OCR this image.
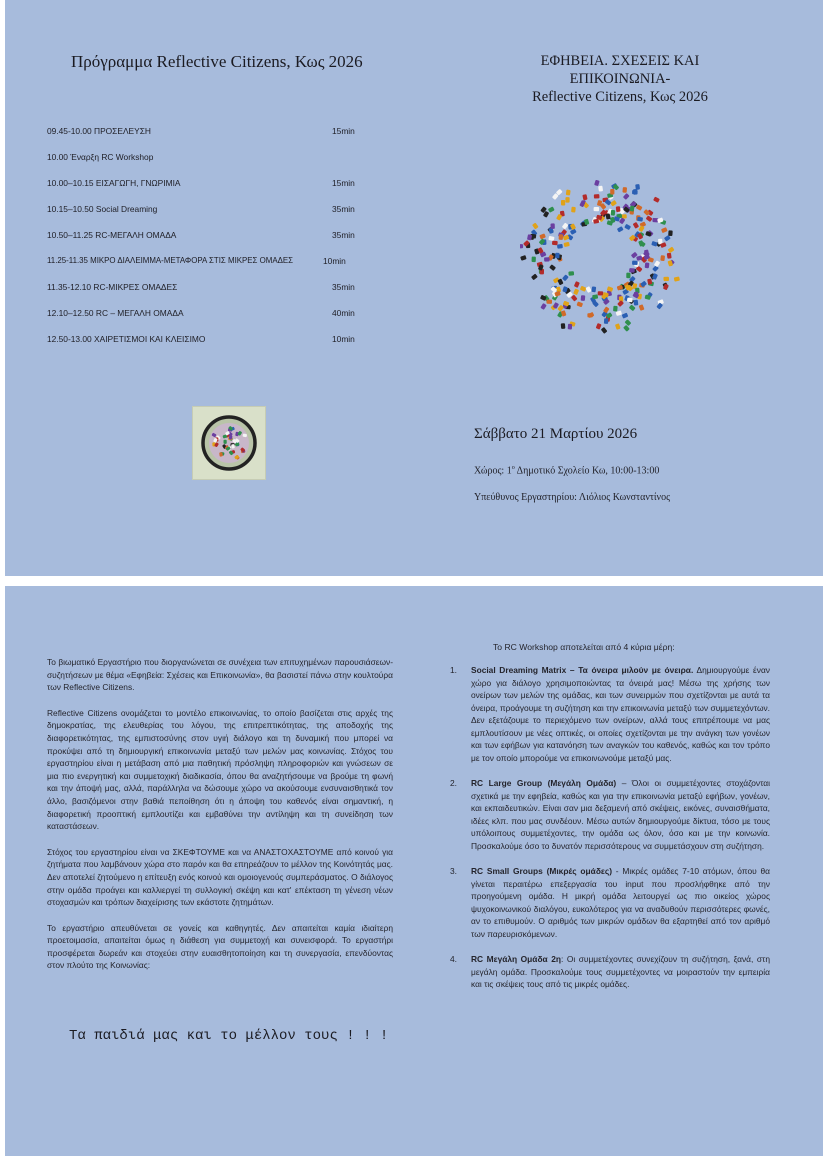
Πρόγραμμα Reflective Citizens, Κως 2026
09.45-10.00 ΠΡΟΣΕΛΕΥΣΗ	15min
10.00 Έναρξη RC Workshop
10.00–10.15 ΕΙΣΑΓΩΓΗ, ΓΝΩΡΙΜΙΑ	15min
10.15–10.50 Social Dreaming	35min
10.50–11.25 RC-ΜΕΓΑΛΗ ΟΜΑΔΑ	35min
11.25-11.35 ΜΙΚΡΟ ΔΙΑΛΕΙΜΜΑ-ΜΕΤΑΦΟΡΑ ΣΤΙΣ ΜΙΚΡΕΣ ΟΜΑΔΕΣ	10min
11.35-12.10 RC-ΜΙΚΡΕΣ ΟΜΑΔΕΣ	35min
12.10–12.50 RC – ΜΕΓΑΛΗ ΟΜΑΔΑ	40min
12.50-13.00 ΧΑΙΡΕΤΙΣΜΟΙ ΚΑΙ ΚΛΕΙΣΙΜΟ	10min
ΕΦΗΒΕΙΑ. ΣΧΕΣΕΙΣ ΚΑΙ
ΕΠΙΚΟΙΝΩΝΙΑ-
Reflective Citizens, Κως 2026
Σάββατο 21 Μαρτίου 2026
Χώρος: $1^o$ Δημοτικό Σχολείο Κω, 10:00-13:00
Υπεύθυνος Εργαστηρίου: Λιόλιος Κωνσταντίνος

Το βιωματικό Εργαστήριο που διοργανώνεται σε συνέχεια των επιτυχημένων παρουσιάσεων-συζητήσεων με θέμα «Εφηβεία: Σχέσεις και Επικοινωνία», θα βασιστεί πάνω στην κουλτούρα των Reflective Citizens.

Reflective Citizens ονομάζεται το μοντέλο επικοινωνίας, το οποίο βασίζεται στις αρχές της δημοκρατίας, της ελευθερίας του λόγου, της επιτρεπτικότητας, της αποδοχής της διαφορετικότητας, της εμπιστοσύνης στον υγιή διάλογο και τη δυναμική που μπορεί να προκύψει από τη δημιουργική επικοινωνία μεταξύ των μελών μας κοινωνίας. Στόχος του εργαστηρίου είναι η μετάβαση από μια παθητική πρόσληψη πληροφοριών και γνώσεων σε μια πιο ενεργητική και συμμετοχική διαδικασία, όπου θα αναζητήσουμε να βρούμε τη φωνή και την άποψή μας, αλλά, παράλληλα να δώσουμε χώρο να ακούσουμε ενσυναισθητικά τον άλλο, βασιζόμενοι στην βαθιά πεποίθηση ότι η άποψη του καθενός είναι σημαντική, η διαφορετική προοπτική εμπλουτίζει και εμβαθύνει την αντίληψη και τη συνείδηση των καταστάσεων.

Στόχος του εργαστηρίου είναι να ΣΚΕΦΤΟΥΜΕ και να ΑΝΑΣΤΟΧΑΣΤΟΥΜΕ από κοινού για ζητήματα που λαμβάνουν χώρα στο παρόν και θα επηρεάζουν το μέλλον της Κοινότητάς μας. Δεν αποτελεί ζητούμενο η επίτευξη ενός κοινού και ομοιογενούς συμπεράσματος. Ο διάλογος στην ομάδα προάγει και καλλιεργεί τη συλλογική σκέψη και κατ' επέκταση τη γένεση νέων στοχασμών και τρόπων διαχείρισης των εκάστοτε ζητημάτων.

Το εργαστήριο απευθύνεται σε γονείς και καθηγητές. Δεν απαιτείται καμία ιδιαίτερη προετοιμασία, απαιτείται όμως η διάθεση για συμμετοχή και συνεισφορά. Το εργαστήρι προσφέρεται δωρεάν και στοχεύει στην ευαισθητοποίηση και τη συνεργασία, επενδύοντας στον πλούτο της Κοινωνίας:

Τα παιδιά μας και το μέλλον τους ! ! !
Το RC Workshop αποτελείται από 4 κύρια μέρη:
1. Social Dreaming Matrix – Τα όνειρα μιλούν με όνειρα. Δημιουργούμε έναν χώρο για διάλογο χρησιμοποιώντας τα όνειρά μας! Μέσω της χρήσης των ονείρων των μελών της ομάδας, και των συνειρμών που σχετίζονται με αυτά τα όνειρα, προάγουμε τη συζήτηση και την επικοινωνία μεταξύ των συμμετεχόντων. Δεν εξετάζουμε το περιεχόμενο των ονείρων, αλλά τους επιτρέπουμε να μας εμπλουτίσουν με νέες οπτικές, οι οποίες σχετίζονται με την ανάγκη των γονέων και των εφήβων για κατανόηση των αναγκών του καθενός, καθώς και τον τρόπο με τον οποίο μπορούμε να επικοινωνούμε μεταξύ μας.
2. RC Large Group (Μεγάλη Ομάδα) – Όλοι οι συμμετέχοντες στοχάζονται σχετικά με την εφηβεία, καθώς και για την επικοινωνία μεταξύ εφήβων, γονέων, και εκπαιδευτικών. Είναι σαν μια δεξαμενή από σκέψεις, εικόνες, συναισθήματα, ιδέες κλπ. που μας συνδέουν. Μέσω αυτών δημιουργούμε δίκτυα, τόσο με τους υπόλοιπους συμμετέχοντες, την ομάδα ως όλον, όσο και με την κοινωνία. Προσκαλούμε όσο το δυνατόν περισσότερους να συμμετάσχουν στη συζήτηση.
3. RC Small Groups (Μικρές ομάδες) - Μικρές ομάδες 7-10 ατόμων, όπου θα γίνεται περαιτέρω επεξεργασία του input που προσλήφθηκε από την προηγούμενη ομάδα. Η μικρή ομάδα λειτουργεί ως πιο οικείος χώρος ψυχοκοινωνικού διαλόγου, ευκολότερος για να αναδυθούν περισσότερες φωνές, αν το επιθυμούν. Ο αριθμός των μικρών ομάδων θα εξαρτηθεί από τον αριθμό των παρευρισκόμενων.
4. RC Μεγάλη Ομάδα 2η: Οι συμμετέχοντες συνεχίζουν τη συζήτηση, ξανά, στη μεγάλη ομάδα. Προσκαλούμε τους συμμετέχοντες να μοιραστούν την εμπειρία και τις σκέψεις τους από τις μικρές ομάδες.
